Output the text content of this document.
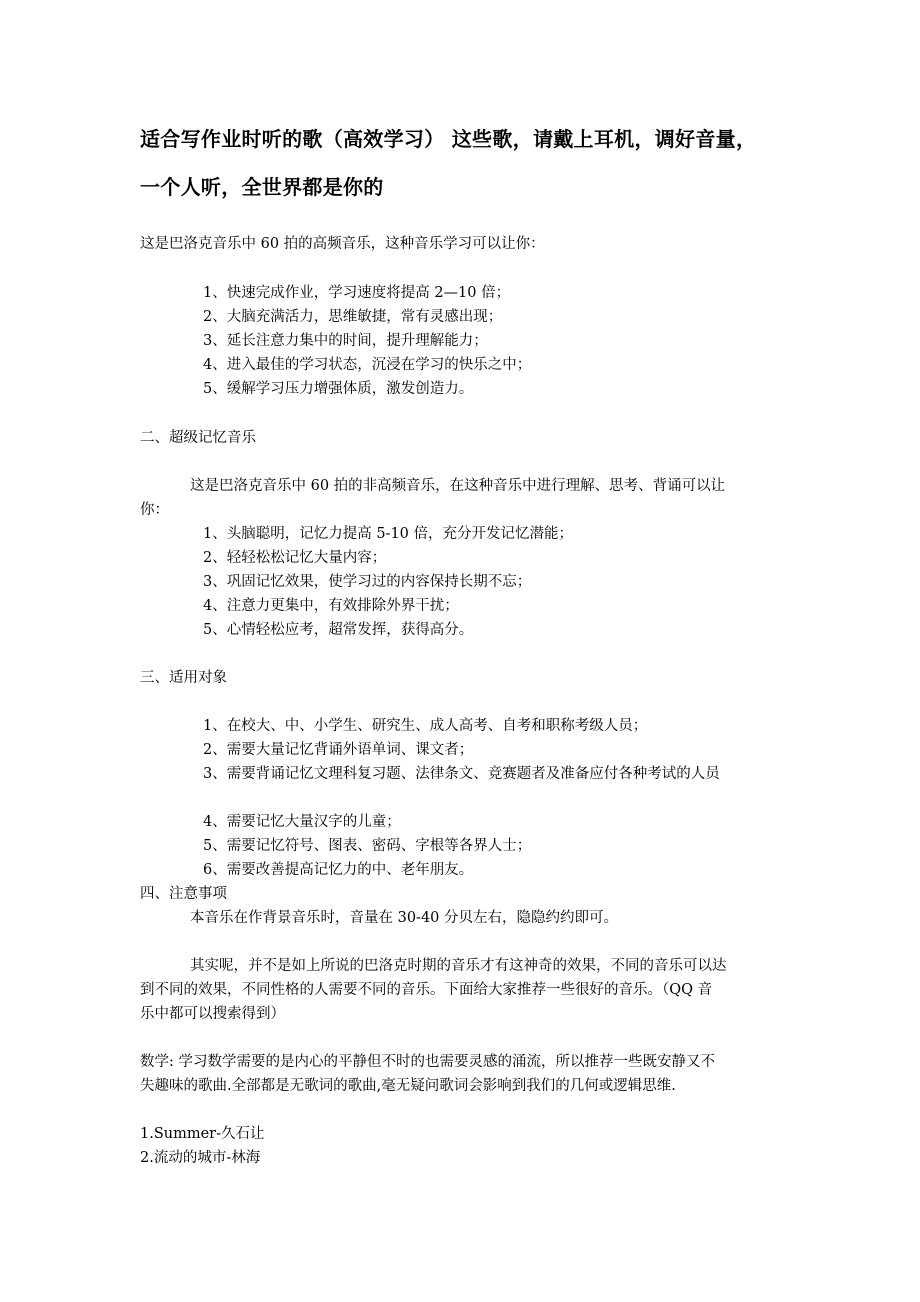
适合写作业时听的歌（高效学习） 这些歌，请戴上耳机，调好音量，
一个人听，全世界都是你的
这是巴洛克音乐中 60 拍的高频音乐，这种音乐学习可以让你：
1、快速完成作业，学习速度将提高 2—10 倍；
2、大脑充满活力，思维敏捷，常有灵感出现；
3、延长注意力集中的时间，提升理解能力；
4、进入最佳的学习状态，沉浸在学习的快乐之中；
5、缓解学习压力增强体质，激发创造力。
二、超级记忆音乐
这是巴洛克音乐中 60 拍的非高频音乐，在这种音乐中进行理解、思考、背诵可以让
你：
1、头脑聪明，记忆力提高 5-10 倍，充分开发记忆潜能；
2、轻轻松松记忆大量内容；
3、巩固记忆效果，使学习过的内容保持长期不忘；
4、注意力更集中，有效排除外界干扰；
5、心情轻松应考，超常发挥，获得高分。
三、适用对象
1、在校大、中、小学生、研究生、成人高考、自考和职称考级人员；
2、需要大量记忆背诵外语单词、课文者；
3、需要背诵记忆文理科复习题、法律条文、竞赛题者及准备应付各种考试的人员
4、需要记忆大量汉字的儿童；
5、需要记忆符号、图表、密码、字根等各界人士；
6、需要改善提高记忆力的中、老年朋友。
四、注意事项
本音乐在作背景音乐时，音量在 30-40 分贝左右，隐隐约约即可。
其实呢，并不是如上所说的巴洛克时期的音乐才有这神奇的效果，不同的音乐可以达
到不同的效果，不同性格的人需要不同的音乐。下面给大家推荐一些很好的音乐。（QQ 音
乐中都可以搜索得到）
数学: 学习数学需要的是内心的平静但不时的也需要灵感的涌流，所以推荐一些既安静又不
失趣味的歌曲.全部都是无歌词的歌曲,毫无疑问歌词会影响到我们的几何或逻辑思维.
1.Summer-久石让
2.流动的城市-林海
